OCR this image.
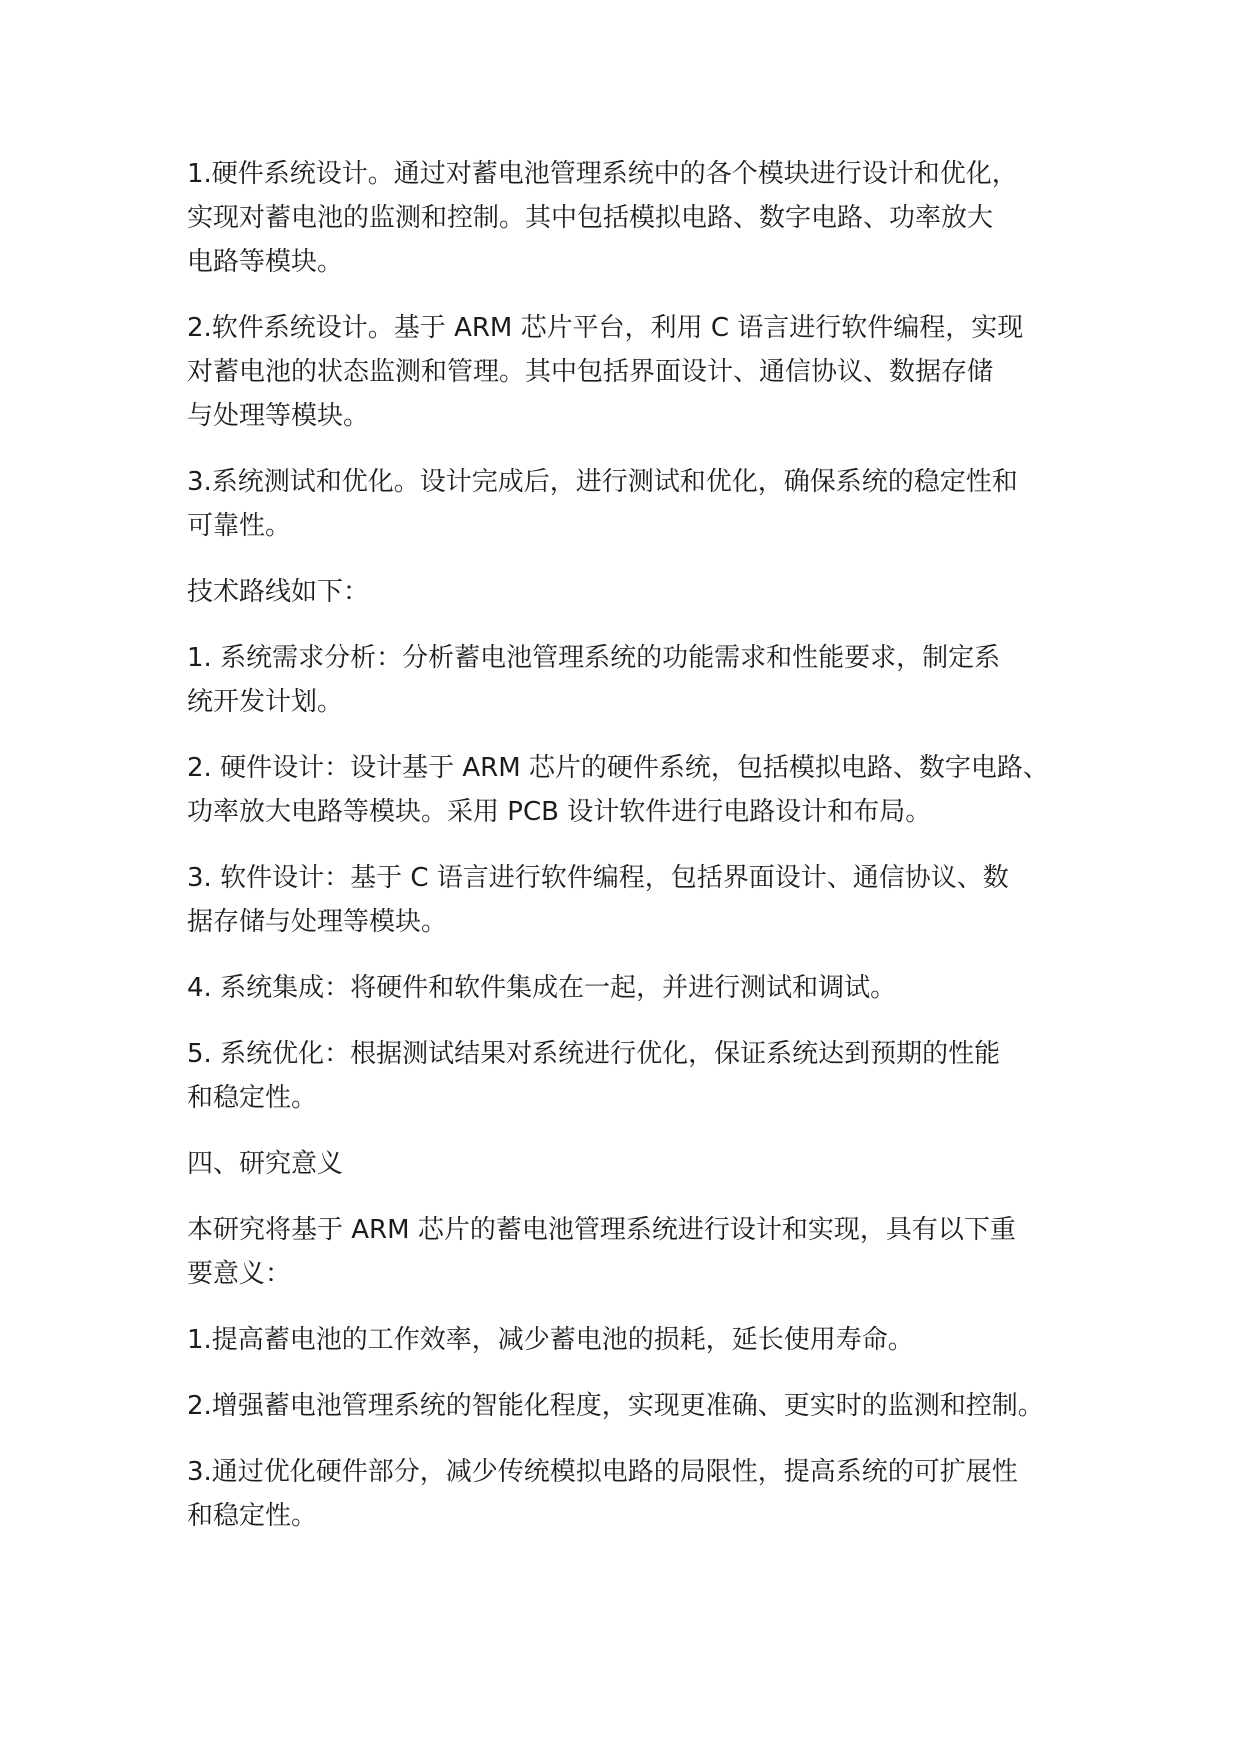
1.硬件系统设计。通过对蓄电池管理系统中的各个模块进行设计和优化，
实现对蓄电池的监测和控制。其中包括模拟电路、数字电路、功率放大
电路等模块。

2.软件系统设计。基于 ARM 芯片平台，利用 C 语言进行软件编程，实现
对蓄电池的状态监测和管理。其中包括界面设计、通信协议、数据存储
与处理等模块。

3.系统测试和优化。设计完成后，进行测试和优化，确保系统的稳定性和
可靠性。

技术路线如下：

1. 系统需求分析：分析蓄电池管理系统的功能需求和性能要求，制定系
统开发计划。

2. 硬件设计：设计基于 ARM 芯片的硬件系统，包括模拟电路、数字电路、
功率放大电路等模块。采用 PCB 设计软件进行电路设计和布局。

3. 软件设计：基于 C 语言进行软件编程，包括界面设计、通信协议、数
据存储与处理等模块。

4. 系统集成：将硬件和软件集成在一起，并进行测试和调试。

5. 系统优化：根据测试结果对系统进行优化，保证系统达到预期的性能
和稳定性。

四、研究意义

本研究将基于 ARM 芯片的蓄电池管理系统进行设计和实现，具有以下重
要意义：

1.提高蓄电池的工作效率，减少蓄电池的损耗，延长使用寿命。

2.增强蓄电池管理系统的智能化程度，实现更准确、更实时的监测和控制。

3.通过优化硬件部分，减少传统模拟电路的局限性，提高系统的可扩展性
和稳定性。
